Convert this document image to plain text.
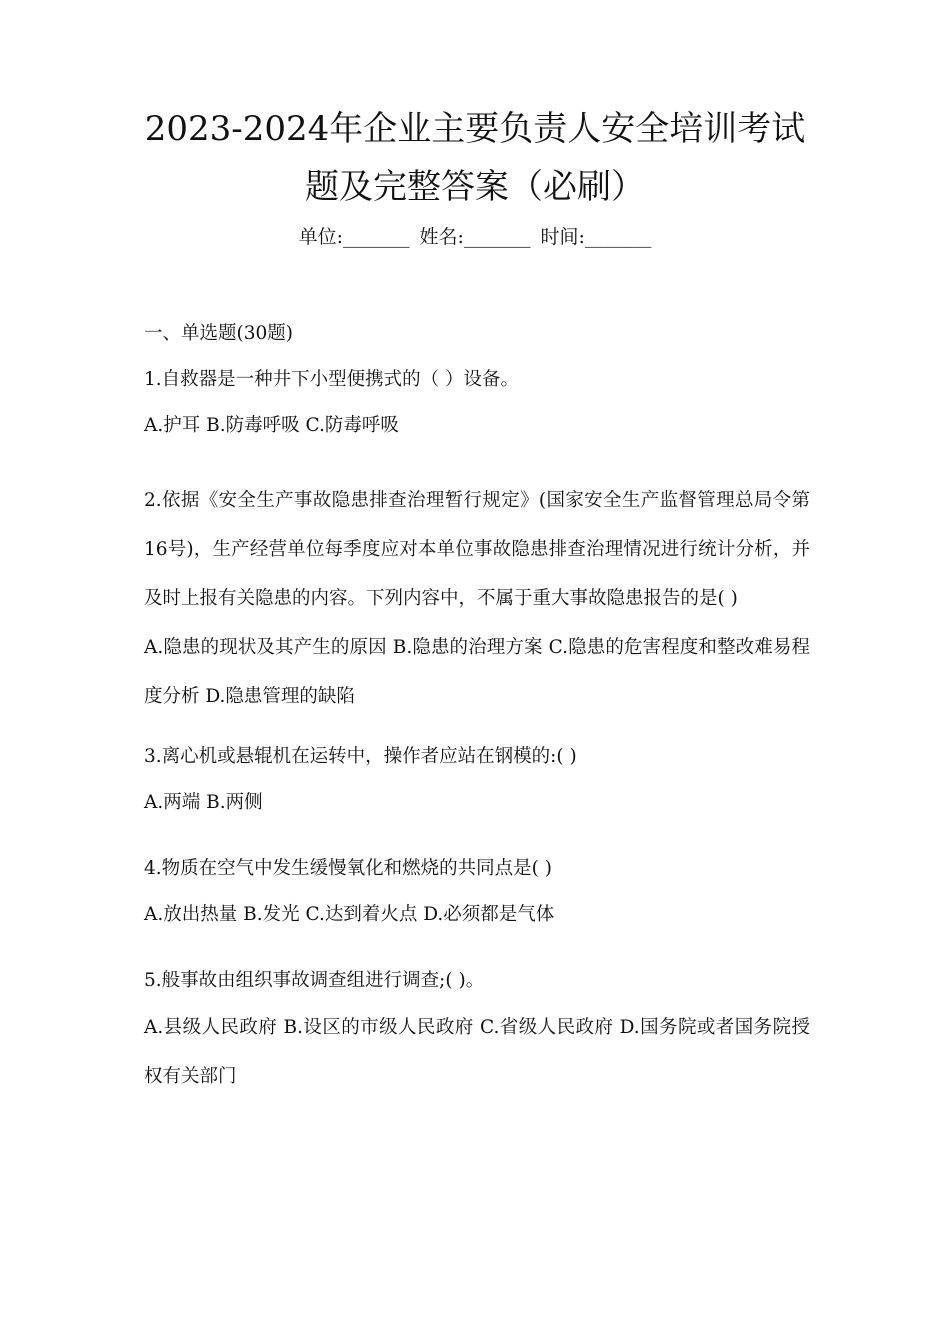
2023-2024年企业主要负责人安全培训考试
题及完整答案（必刷）
单位:_______ 姓名:_______ 时间:_______
一、单选题(30题)

1.自救器是一种井下小型便携式的（ ）设备。

A.护耳 B.防毒呼吸 C.防毒呼吸

2.依据《安全生产事故隐患排查治理暂行规定》(国家安全生产监督管理总局令第16号)，生产经营单位每季度应对本单位事故隐患排查治理情况进行统计分析，并及时上报有关隐患的内容。下列内容中，不属于重大事故隐患报告的是( )

A.隐患的现状及其产生的原因 B.隐患的治理方案 C.隐患的危害程度和整改难易程度分析 D.隐患管理的缺陷

3.离心机或悬辊机在运转中，操作者应站在钢模的:( )

A.两端 B.两侧

4.物质在空气中发生缓慢氧化和燃烧的共同点是( )

A.放出热量 B.发光 C.达到着火点 D.必须都是气体

5.般事故由组织事故调查组进行调查;( )。

A.县级人民政府 B.设区的市级人民政府 C.省级人民政府 D.国务院或者国务院授权有关部门
